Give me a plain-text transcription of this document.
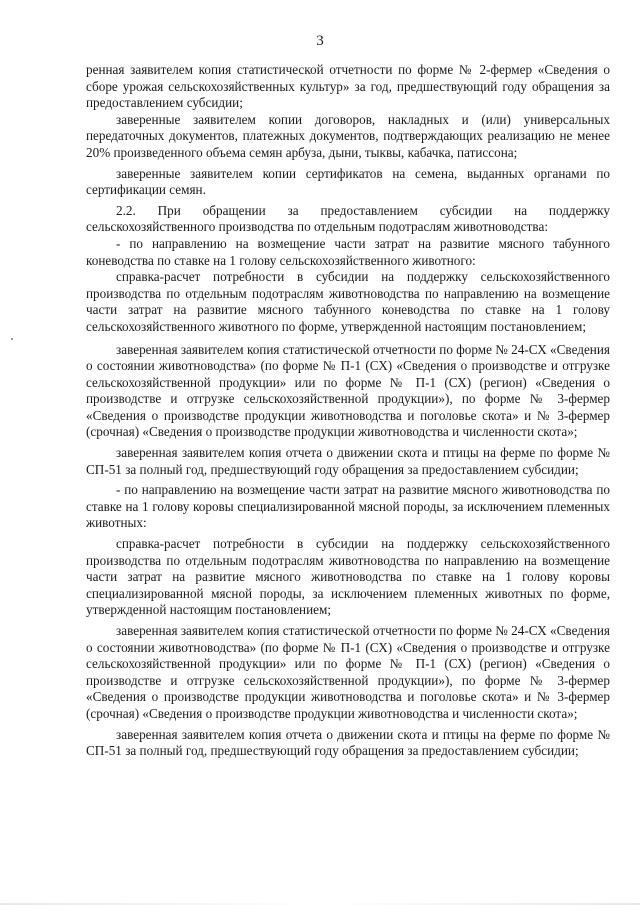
3

ренная заявителем копия статистической отчетности по форме № 2-фермер «Сведения о сборе урожая сельскохозяйственных культур» за год, предшествующий году обращения за предоставлением субсидии;

заверенные заявителем копии договоров, накладных и (или) универсальных передаточных документов, платежных документов, подтверждающих реализацию не менее 20% произведенного объема семян арбуза, дыни, тыквы, кабачка, патиссона;

заверенные заявителем копии сертификатов на семена, выданных органами по сертификации семян.

2.2. При обращении за предоставлением субсидии на поддержку сельскохозяйственного производства по отдельным подотраслям животноводства:

- по направлению на возмещение части затрат на развитие мясного табунного коневодства по ставке на 1 голову сельскохозяйственного животного:

справка-расчет потребности в субсидии на поддержку сельскохозяйственного производства по отдельным подотраслям животноводства по направлению на возмещение части затрат на развитие мясного табунного коневодства по ставке на 1 голову сельскохозяйственного животного по форме, утвержденной настоящим постановлением;

заверенная заявителем копия статистической отчетности по форме № 24-СХ «Сведения о состоянии животноводства» (по форме № П-1 (СХ) «Сведения о производстве и отгрузке сельскохозяйственной продукции» или по форме № П-1 (СХ) (регион) «Сведения о производстве и отгрузке сельскохозяйственной продукции»), по форме № 3-фермер «Сведения о производстве продукции животноводства и поголовье скота» и № 3-фермер (срочная) «Сведения о производстве продукции животноводства и численности скота»;

заверенная заявителем копия отчета о движении скота и птицы на ферме по форме № СП-51 за полный год, предшествующий году обращения за предоставлением субсидии;

- по направлению на возмещение части затрат на развитие мясного животноводства по ставке на 1 голову коровы специализированной мясной породы, за исключением племенных животных:

справка-расчет потребности в субсидии на поддержку сельскохозяйственного производства по отдельным подотраслям животноводства по направлению на возмещение части затрат на развитие мясного животноводства по ставке на 1 голову коровы специализированной мясной породы, за исключением племенных животных по форме, утвержденной настоящим постановлением;

заверенная заявителем копия статистической отчетности по форме № 24-СХ «Сведения о состоянии животноводства» (по форме № П-1 (СХ) «Сведения о производстве и отгрузке сельскохозяйственной продукции» или по форме № П-1 (СХ) (регион) «Сведения о производстве и отгрузке сельскохозяйственной продукции»), по форме № 3-фермер «Сведения о производстве продукции животноводства и поголовье скота» и № 3-фермер (срочная) «Сведения о производстве продукции животноводства и численности скота»;

заверенная заявителем копия отчета о движении скота и птицы на ферме по форме № СП-51 за полный год, предшествующий году обращения за предоставлением субсидии;
